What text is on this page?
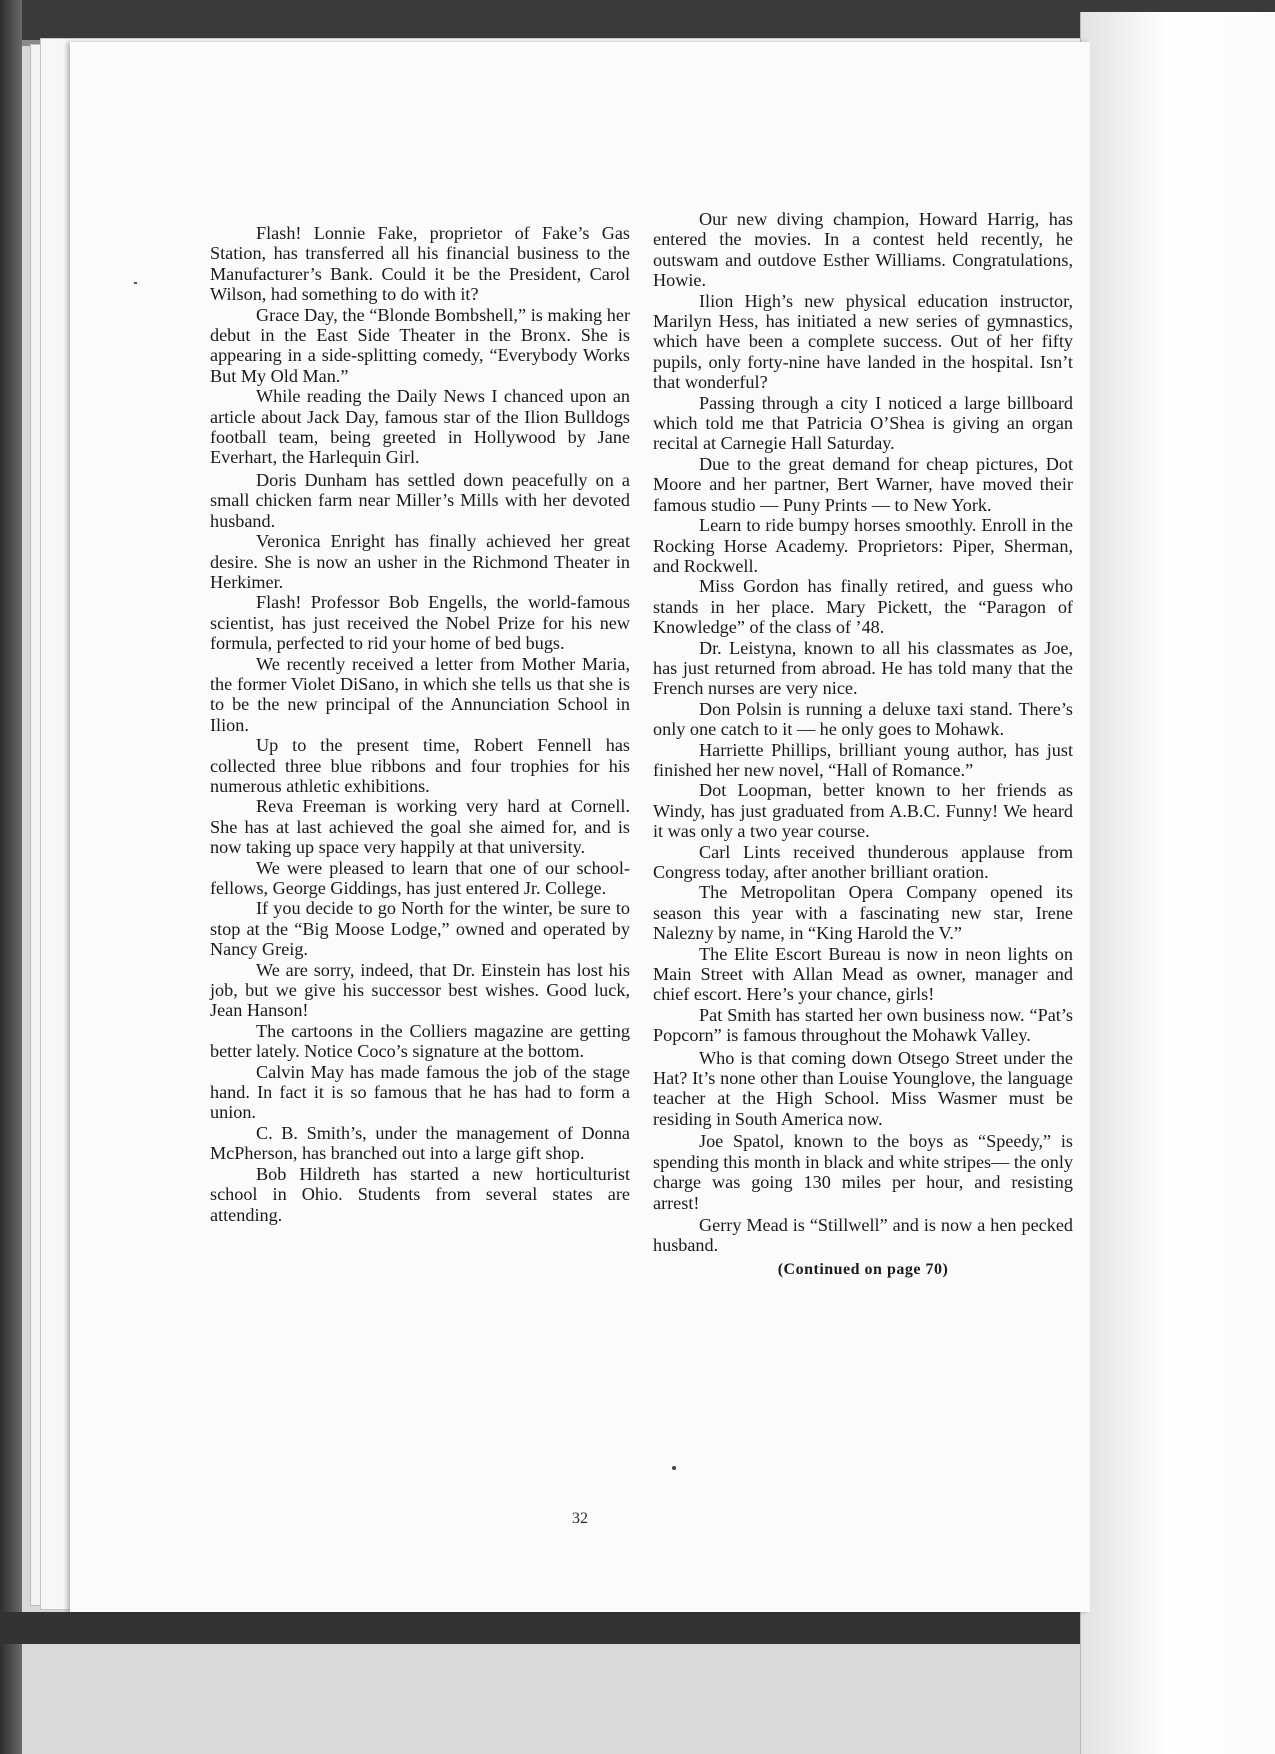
Flash! Lonnie Fake, proprietor of Fake’s Gas Station, has transferred all his financial business to the Manufacturer’s Bank. Could it be the President, Carol Wilson, had something to do with it?

Grace Day, the “Blonde Bombshell,” is making her debut in the East Side Theater in the Bronx. She is appearing in a side-splitting comedy, “Everybody Works But My Old Man.”

While reading the Daily News I chanced upon an article about Jack Day, famous star of the Ilion Bulldogs football team, being greeted in Hollywood by Jane Everhart, the Harlequin Girl.

Doris Dunham has settled down peacefully on a small chicken farm near Miller’s Mills with her devoted husband.

Veronica Enright has finally achieved her great desire. She is now an usher in the Richmond Theater in Herkimer.

Flash! Professor Bob Engells, the world-famous scientist, has just received the Nobel Prize for his new formula, perfected to rid your home of bed bugs.

We recently received a letter from Mother Maria, the former Violet DiSano, in which she tells us that she is to be the new principal of the Annunciation School in Ilion.

Up to the present time, Robert Fennell has collected three blue ribbons and four trophies for his numerous athletic exhibitions.

Reva Freeman is working very hard at Cornell. She has at last achieved the goal she aimed for, and is now taking up space very happily at that university.

We were pleased to learn that one of our school-fellows, George Giddings, has just entered Jr. College.

If you decide to go North for the winter, be sure to stop at the “Big Moose Lodge,” owned and operated by Nancy Greig.

We are sorry, indeed, that Dr. Einstein has lost his job, but we give his successor best wishes. Good luck, Jean Hanson!

The cartoons in the Colliers magazine are getting better lately. Notice Coco’s signature at the bottom.

Calvin May has made famous the job of the stage hand. In fact it is so famous that he has had to form a union.

C. B. Smith’s, under the management of Donna McPherson, has branched out into a large gift shop.

Bob Hildreth has started a new horticulturist school in Ohio. Students from several states are attending.

Our new diving champion, Howard Harrig, has entered the movies. In a contest held recently, he outswam and outdove Esther Williams. Congratulations, Howie.

Ilion High’s new physical education instructor, Marilyn Hess, has initiated a new series of gymnastics, which have been a complete success. Out of her fifty pupils, only forty-nine have landed in the hospital. Isn’t that wonderful?

Passing through a city I noticed a large billboard which told me that Patricia O’Shea is giving an organ recital at Carnegie Hall Saturday.

Due to the great demand for cheap pictures, Dot Moore and her partner, Bert Warner, have moved their famous studio — Puny Prints — to New York.

Learn to ride bumpy horses smoothly. Enroll in the Rocking Horse Academy. Proprietors: Piper, Sherman, and Rockwell.

Miss Gordon has finally retired, and guess who stands in her place. Mary Pickett, the “Paragon of Knowledge” of the class of ’48.

Dr. Leistyna, known to all his classmates as Joe, has just returned from abroad. He has told many that the French nurses are very nice.

Don Polsin is running a deluxe taxi stand. There’s only one catch to it — he only goes to Mohawk.

Harriette Phillips, brilliant young author, has just finished her new novel, “Hall of Romance.”

Dot Loopman, better known to her friends as Windy, has just graduated from A.B.C. Funny! We heard it was only a two year course.

Carl Lints received thunderous applause from Congress today, after another brilliant oration.

The Metropolitan Opera Company opened its season this year with a fascinating new star, Irene Nalezny by name, in “King Harold the V.”

The Elite Escort Bureau is now in neon lights on Main Street with Allan Mead as owner, manager and chief escort. Here’s your chance, girls!

Pat Smith has started her own business now. “Pat’s Popcorn” is famous throughout the Mohawk Valley.

Who is that coming down Otsego Street under the Hat? It’s none other than Louise Younglove, the language teacher at the High School. Miss Wasmer must be residing in South America now.

Joe Spatol, known to the boys as “Speedy,” is spending this month in black and white stripes— the only charge was going 130 miles per hour, and resisting arrest!

Gerry Mead is “Stillwell” and is now a hen pecked husband.

(Continued on page 70)
32
